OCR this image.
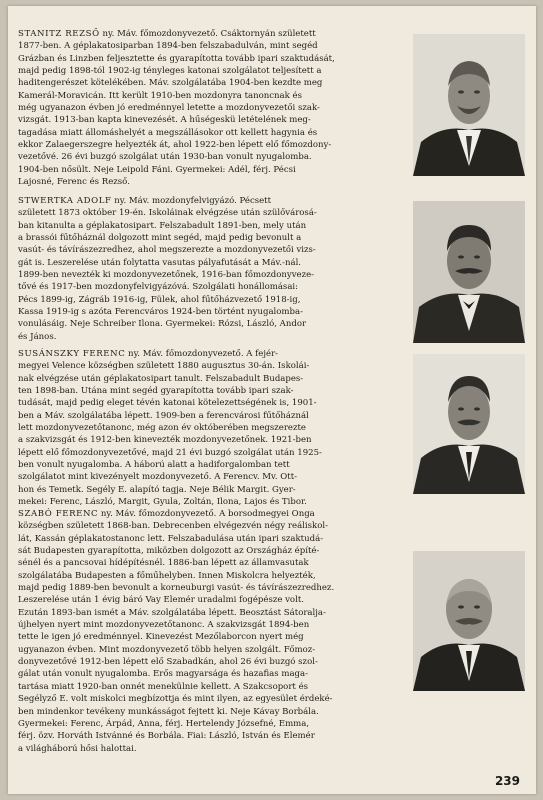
STANITZ REZSŐ ny. Máv. főmozdonyvezető. Csáktornyán született
1877-ben. A géplakatosiparban 1894-ben felszabadulván, mint segéd
Grázban és Linzben feljesztette és gyarapította tovább ipari szaktudását,
majd pedig 1898-tól 1902-ig tényleges katonai szolgálatot teljesített a
haditengerészet kötelékében. Máv. szolgálatába 1904-ben kezdte meg
Kamerál-Moravicán. Itt került 1910-ben mozdonyra tanoncnak és
még ugyanazon évben jó eredménnyel letette a mozdonyvezetői szak-
vizsgát. 1913-ban kapta kinevezését. A hűségeskü letételének meg-
tagadása miatt állomáshelyét a megszállásokor ott kellett hagynia és
ekkor Zalaegerszegre helyezték át, ahol 1922-ben lépett elő főmozdony-
vezetővé. 26 évi buzgó szolgálat után 1930-ban vonult nyugalomba.
1904-ben nősült. Neje Leipold Fáni. Gyermekei: Adél, férj. Pécsi
Lajosné, Ferenc és Rezső.
STWERTKA ADOLF ny. Máv. mozdonyfelvigyázó. Pécsett
született 1873 október 19-én. Iskoláinak elvégzése után szülővárosá-
ban kitanulta a géplakatosipart. Felszabadult 1891-ben, mely után
a brassói fűtőháznál dolgozott mint segéd, majd pedig bevonult a
vasút- és távírászezredhez, ahol megszerezte a mozdonyvezetői vizs-
gát is. Leszerelése után folytatta vasutas pályafutását a Máv.-nál.
1899-ben nevezték ki mozdonyvezetőnek, 1916-ban főmozdonyveze-
tővé és 1917-ben mozdonyfelvigyázóvá. Szolgálati honállomásai:
Pécs 1899-ig, Zágráb 1916-ig, Fülek, ahol fűtőházvezető 1918-ig,
Kassa 1919-ig s azóta Ferencváros 1924-ben történt nyugalomba-
vonulásáig. Neje Schreiber Ilona. Gyermekei: Rózsi, László, Andor
és János.
SUSÁNSZKY FERENC ny. Máv. főmozdonyvezető. A fejér-
megyei Velence községben született 1880 augusztus 30-án. Iskolái-
nak elvégzése után géplakatosipart tanult. Felszabadult Budapes-
ten 1898-ban. Utána mint segéd gyarapította tovább ipari szak-
tudását, majd pedig eleget tévén katonai kötelezettségének is, 1901-
ben a Máv. szolgálatába lépett. 1909-ben a ferencvárosi fűtőháznál
lett mozdonyvezetőtanonc, még azon év októberében megszerezte
a szakvizsgát és 1912-ben kinevezték mozdonyvezetőnek. 1921-ben
lépett elő főmozdonyvezetővé, majd 21 évi buzgó szolgálat után 1925-
ben vonult nyugalomba. A háború alatt a hadiforgalomban tett
szolgálatot mint kivezényelt mozdonyvezető. A Ferencv. Mv. Ott-
hon és Temetk. Segély E. alapító tagja. Neje Bélik Margit. Gyer-
mekei: Ferenc, László, Margit, Gyula, Zoltán, Ilona, Lajos és Tibor.
SZABÓ FERENC ny. Máv. főmozdonyvezető. A borsodmegyei Onga
községben született 1868-ban. Debrecenben elvégezvén négy reáliskol-
lát, Kassán géplakatostanonc lett. Felszabadulása után ipari szaktudá-
sát Budapesten gyarapította, miközben dolgozott az Országház építé-
sénél és a pancsovai hídépítésnél. 1886-ban lépett az államvasutak
szolgálatába Budapesten a főműhelyben. Innen Miskolcra helyezték,
majd pedig 1889-ben bevonult a korneuburgi vasút- és távírászezredhez.
Leszerelése után 1 évig báró Vay Elemér uradalmi fogépésze volt.
Ezután 1893-ban ismét a Máv. szolgálatába lépett. Beosztást Sátoralja-
újhelyen nyert mint mozdonyvezetőtanonc. A szakvizsgát 1894-ben
tette le igen jó eredménnyel. Kinevezést Mezőlaborcon nyert még
ugyanazon évben. Mint mozdonyvezető több helyen szolgált. Főmoz-
donyvezetővé 1912-ben lépett elő Szabadkán, ahol 26 évi buzgó szol-
gálat után vonult nyugalomba. Erős magyarsága és hazafias maga-
tartása miatt 1920-ban onnét menekülnie kellett. A Szakcsoport és
Segélyző E. volt miskolci megbízottja és mint ilyen, az egyesület érdeké-
ben mindenkor tevékeny munkásságot fejtett ki. Neje Kávay Borbála.
Gyermekei: Ferenc, Árpád, Anna, férj. Hertelendy Józsefné, Emma,
férj. özv. Horváth Istvánné és Borbála. Fiai: László, István és Elemér
a világháború hősi halottai.
239
